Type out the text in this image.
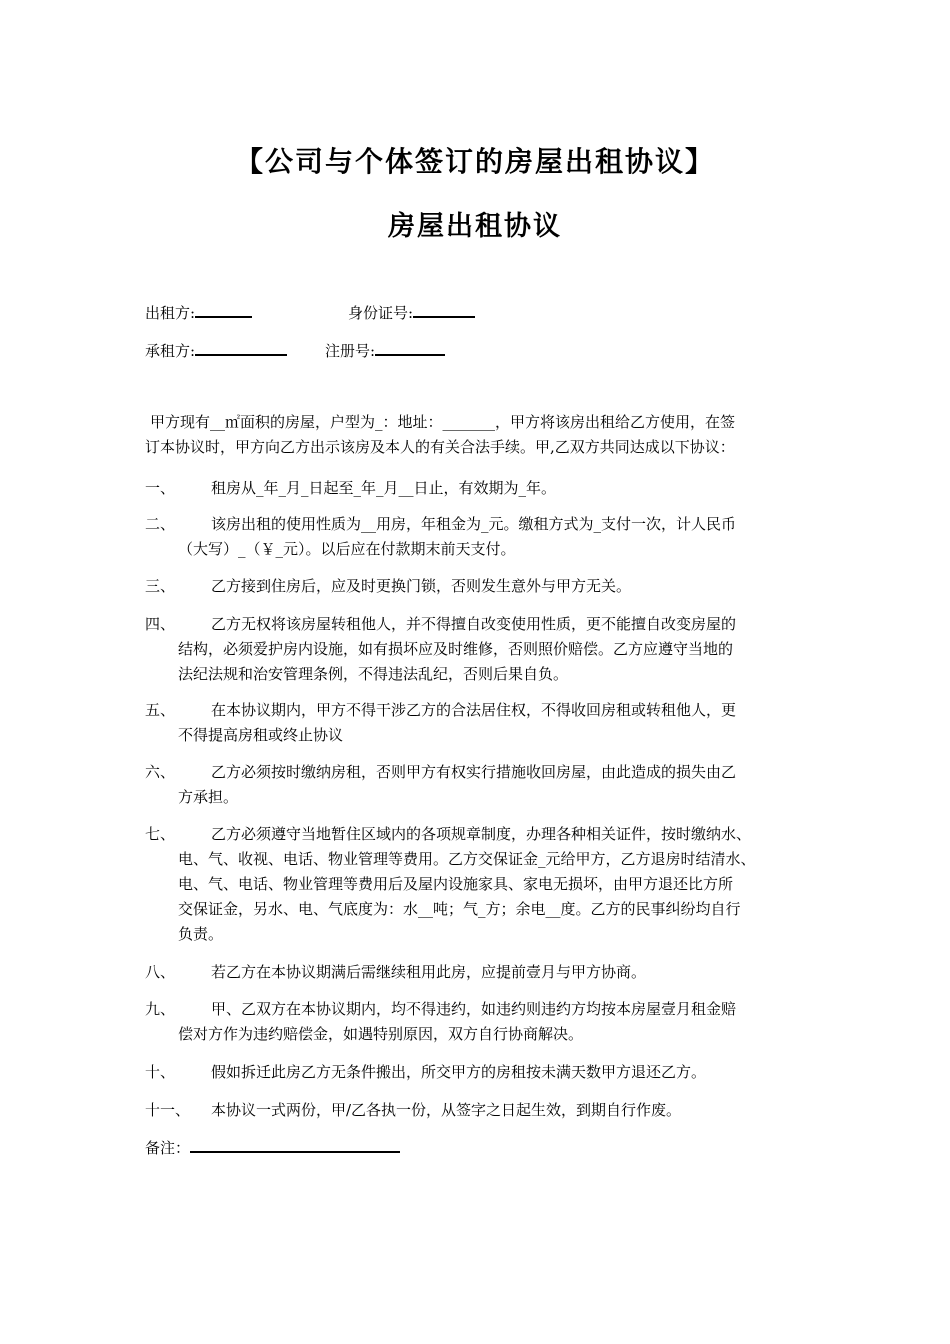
【公司与个体签订的房屋出租协议】
房屋出租协议
出租方:	身份证号:
承租方:	注册号:
甲方现有__㎡面积的房屋，户型为_：地址：_______，甲方将该房出租给乙方使用，在签
订本协议时，甲方向乙方出示该房及本人的有关合法手续。甲,乙双方共同达成以下协议：
一、	租房从_年_月_日起至_年_月__日止，有效期为_年。
二、	该房出租的使用性质为__用房，年租金为_元。缴租方式为_支付一次，计人民币
（大写）_（￥_元）。以后应在付款期末前天支付。
三、	乙方接到住房后，应及时更换门锁，否则发生意外与甲方无关。
四、	乙方无权将该房屋转租他人，并不得擅自改变使用性质，更不能擅自改变房屋的
结构，必须爱护房内设施，如有损坏应及时维修，否则照价赔偿。乙方应遵守当地的
法纪法规和治安管理条例，不得违法乱纪，否则后果自负。
五、	在本协议期内，甲方不得干涉乙方的合法居住权，不得收回房租或转租他人，更
不得提高房租或终止协议
六、	乙方必须按时缴纳房租，否则甲方有权实行措施收回房屋，由此造成的损失由乙
方承担。
七、	乙方必须遵守当地暂住区域内的各项规章制度，办理各种相关证件，按时缴纳水、
电、气、收视、电话、物业管理等费用。乙方交保证金_元给甲方，乙方退房时结清水、
电、气、电话、物业管理等费用后及屋内设施家具、家电无损坏，由甲方退还比方所
交保证金，另水、电、气底度为：水__吨；气_方；余电__度。乙方的民事纠纷均自行
负责。
八、	若乙方在本协议期满后需继续租用此房，应提前壹月与甲方协商。
九、	甲、乙双方在本协议期内，均不得违约，如违约则违约方均按本房屋壹月租金赔
偿对方作为违约赔偿金，如遇特别原因，双方自行协商解决。
十、	假如拆迁此房乙方无条件搬出，所交甲方的房租按未满天数甲方退还乙方。
十一、	本协议一式两份，甲/乙各执一份，从签字之日起生效，到期自行作废。
备注：
